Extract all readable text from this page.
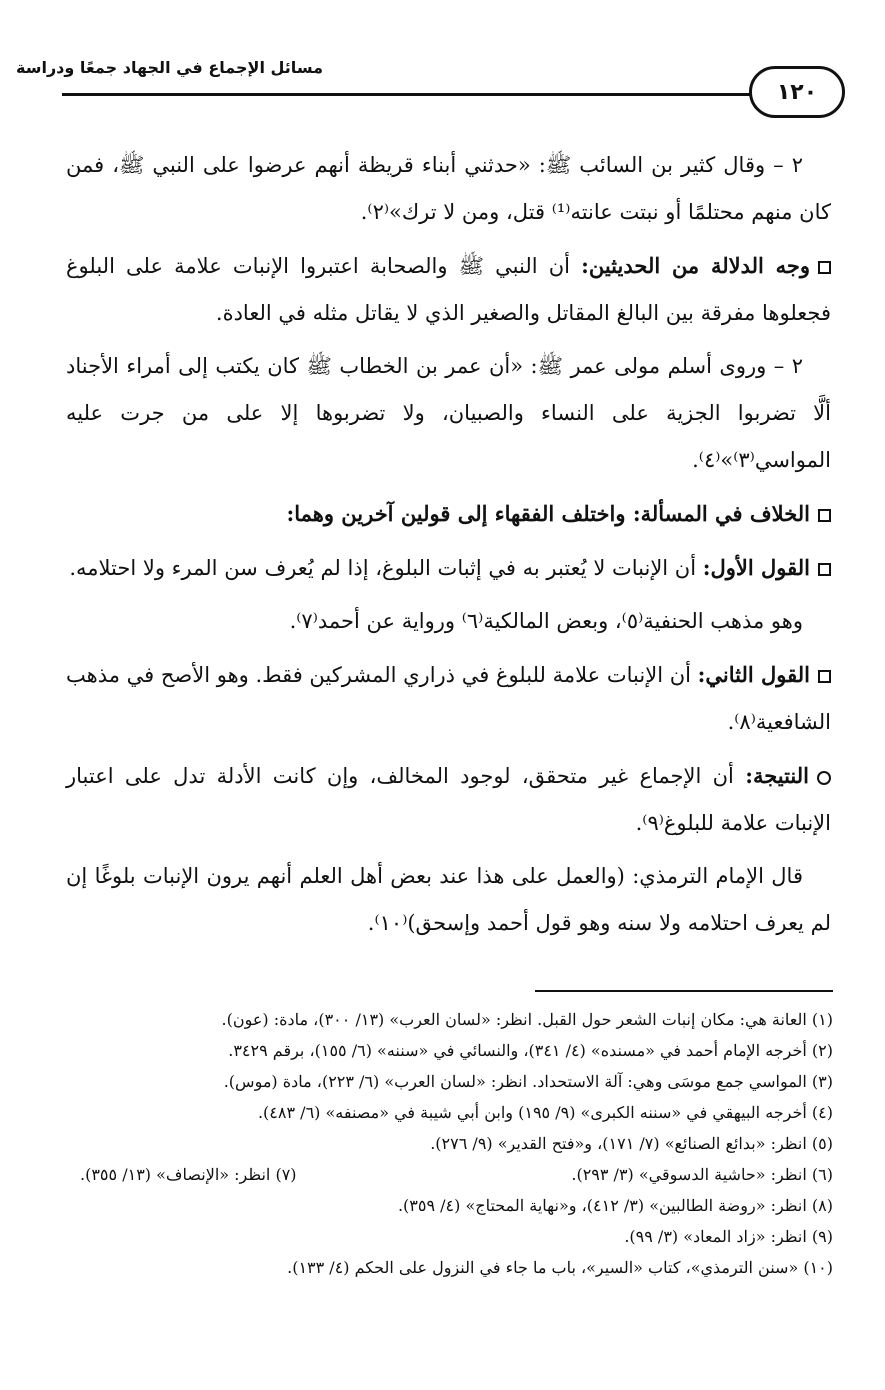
مسائل الإجماع في الجهاد جمعًا ودراسة
١٢٠

٢ – وقال كثير بن السائب ﷺ: «حدثني أبناء قريظة أنهم عرضوا على النبي ﷺ، فمن كان منهم محتلمًا أو نبتت عانته⁽¹⁾ قتل، ومن لا ترك»⁽٢⁾.

وجه الدلالة من الحديثين: أن النبي ﷺ والصحابة اعتبروا الإنبات علامة على البلوغ فجعلوها مفرقة بين البالغ المقاتل والصغير الذي لا يقاتل مثله في العادة.

٢ – وروى أسلم مولى عمر ﷺ: «أن عمر بن الخطاب ﷺ كان يكتب إلى أمراء الأجناد ألَّا تضربوا الجزية على النساء والصبيان، ولا تضربوها إلا على من جرت عليه المواسي⁽٣⁾»⁽٤⁾.

الخلاف في المسألة: واختلف الفقهاء إلى قولين آخرين وهما:

القول الأول: أن الإنبات لا يُعتبر به في إثبات البلوغ، إذا لم يُعرف سن المرء ولا احتلامه.

وهو مذهب الحنفية⁽٥⁾، وبعض المالكية⁽٦⁾ ورواية عن أحمد⁽٧⁾.

القول الثاني: أن الإنبات علامة للبلوغ في ذراري المشركين فقط. وهو الأصح في مذهب الشافعية⁽٨⁾.

النتيجة: أن الإجماع غير متحقق، لوجود المخالف، وإن كانت الأدلة تدل على اعتبار الإنبات علامة للبلوغ⁽٩⁾.

قال الإمام الترمذي: (والعمل على هذا عند بعض أهل العلم أنهم يرون الإنبات بلوغًا إن لم يعرف احتلامه ولا سنه وهو قول أحمد وإسحق)⁽١٠⁾.

(١) العانة هي: مكان إنبات الشعر حول القبل. انظر: «لسان العرب» (١٣/ ٣٠٠)، مادة: (عون).

(٢) أخرجه الإمام أحمد في «مسنده» (٤/ ٣٤١)، والنسائي في «سننه» (٦/ ١٥٥)، برقم ٣٤٢٩.

(٣) المواسي جمع موسَى وهي: آلة الاستحداد. انظر: «لسان العرب» (٦/ ٢٢٣)، مادة (موس).

(٤) أخرجه البيهقي في «سننه الكبرى» (٩/ ١٩٥) وابن أبي شيبة في «مصنفه» (٦/ ٤٨٣).

(٥) انظر: «بدائع الصنائع» (٧/ ١٧١)، و«فتح القدير» (٩/ ٢٧٦).

(٦) انظر: «حاشية الدسوقي» (٣/ ٢٩٣).

(٧) انظر: «الإنصاف» (١٣/ ٣٥٥).

(٨) انظر: «روضة الطالبين» (٣/ ٤١٢)، و«نهاية المحتاج» (٤/ ٣٥٩).

(٩) انظر: «زاد المعاد» (٣/ ٩٩).

(١٠) «سنن الترمذي»، كتاب «السير»، باب ما جاء في النزول على الحكم (٤/ ١٣٣).
